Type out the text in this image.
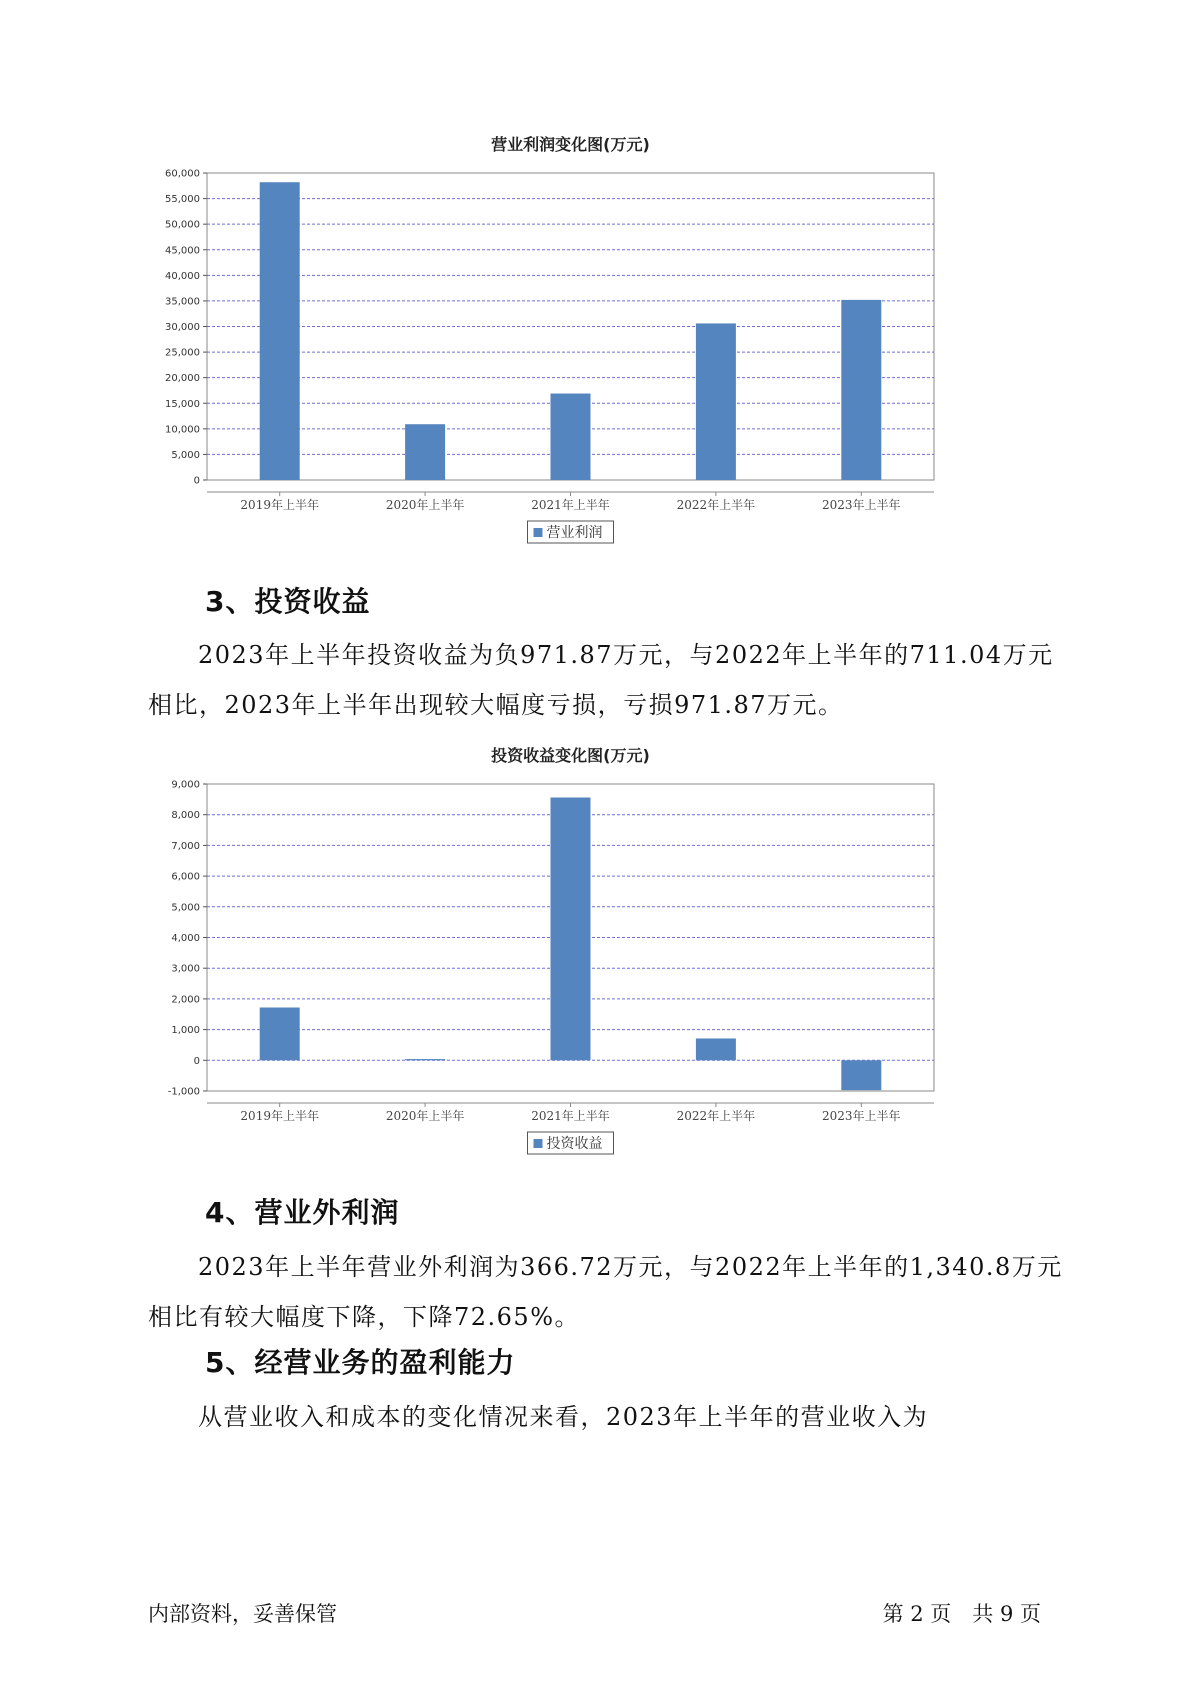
营业利润变化图(万元)
0
5,000
10,000
15,000
20,000
25,000
30,000
35,000
40,000
45,000
50,000
55,000
60,000
2019年上半年	2020年上半年	2021年上半年	2022年上半年	2023年上半年
营业利润
3、投资收益

2023年上半年投资收益为负971.87万元，与2022年上半年的711.04万元相比，2023年上半年出现较大幅度亏损，亏损971.87万元。

投资收益变化图(万元)
-1,000
0
1,000
2,000
3,000
4,000
5,000
6,000
7,000
8,000
9,000
2019年上半年	2020年上半年	2021年上半年	2022年上半年	2023年上半年
投资收益
4、营业外利润

2023年上半年营业外利润为366.72万元，与2022年上半年的1,340.8万元相比有较大幅度下降，下降72.65%。

5、经营业务的盈利能力

从营业收入和成本的变化情况来看，2023年上半年的营业收入为

内部资料，妥善保管	第 2 页　共 9 页
